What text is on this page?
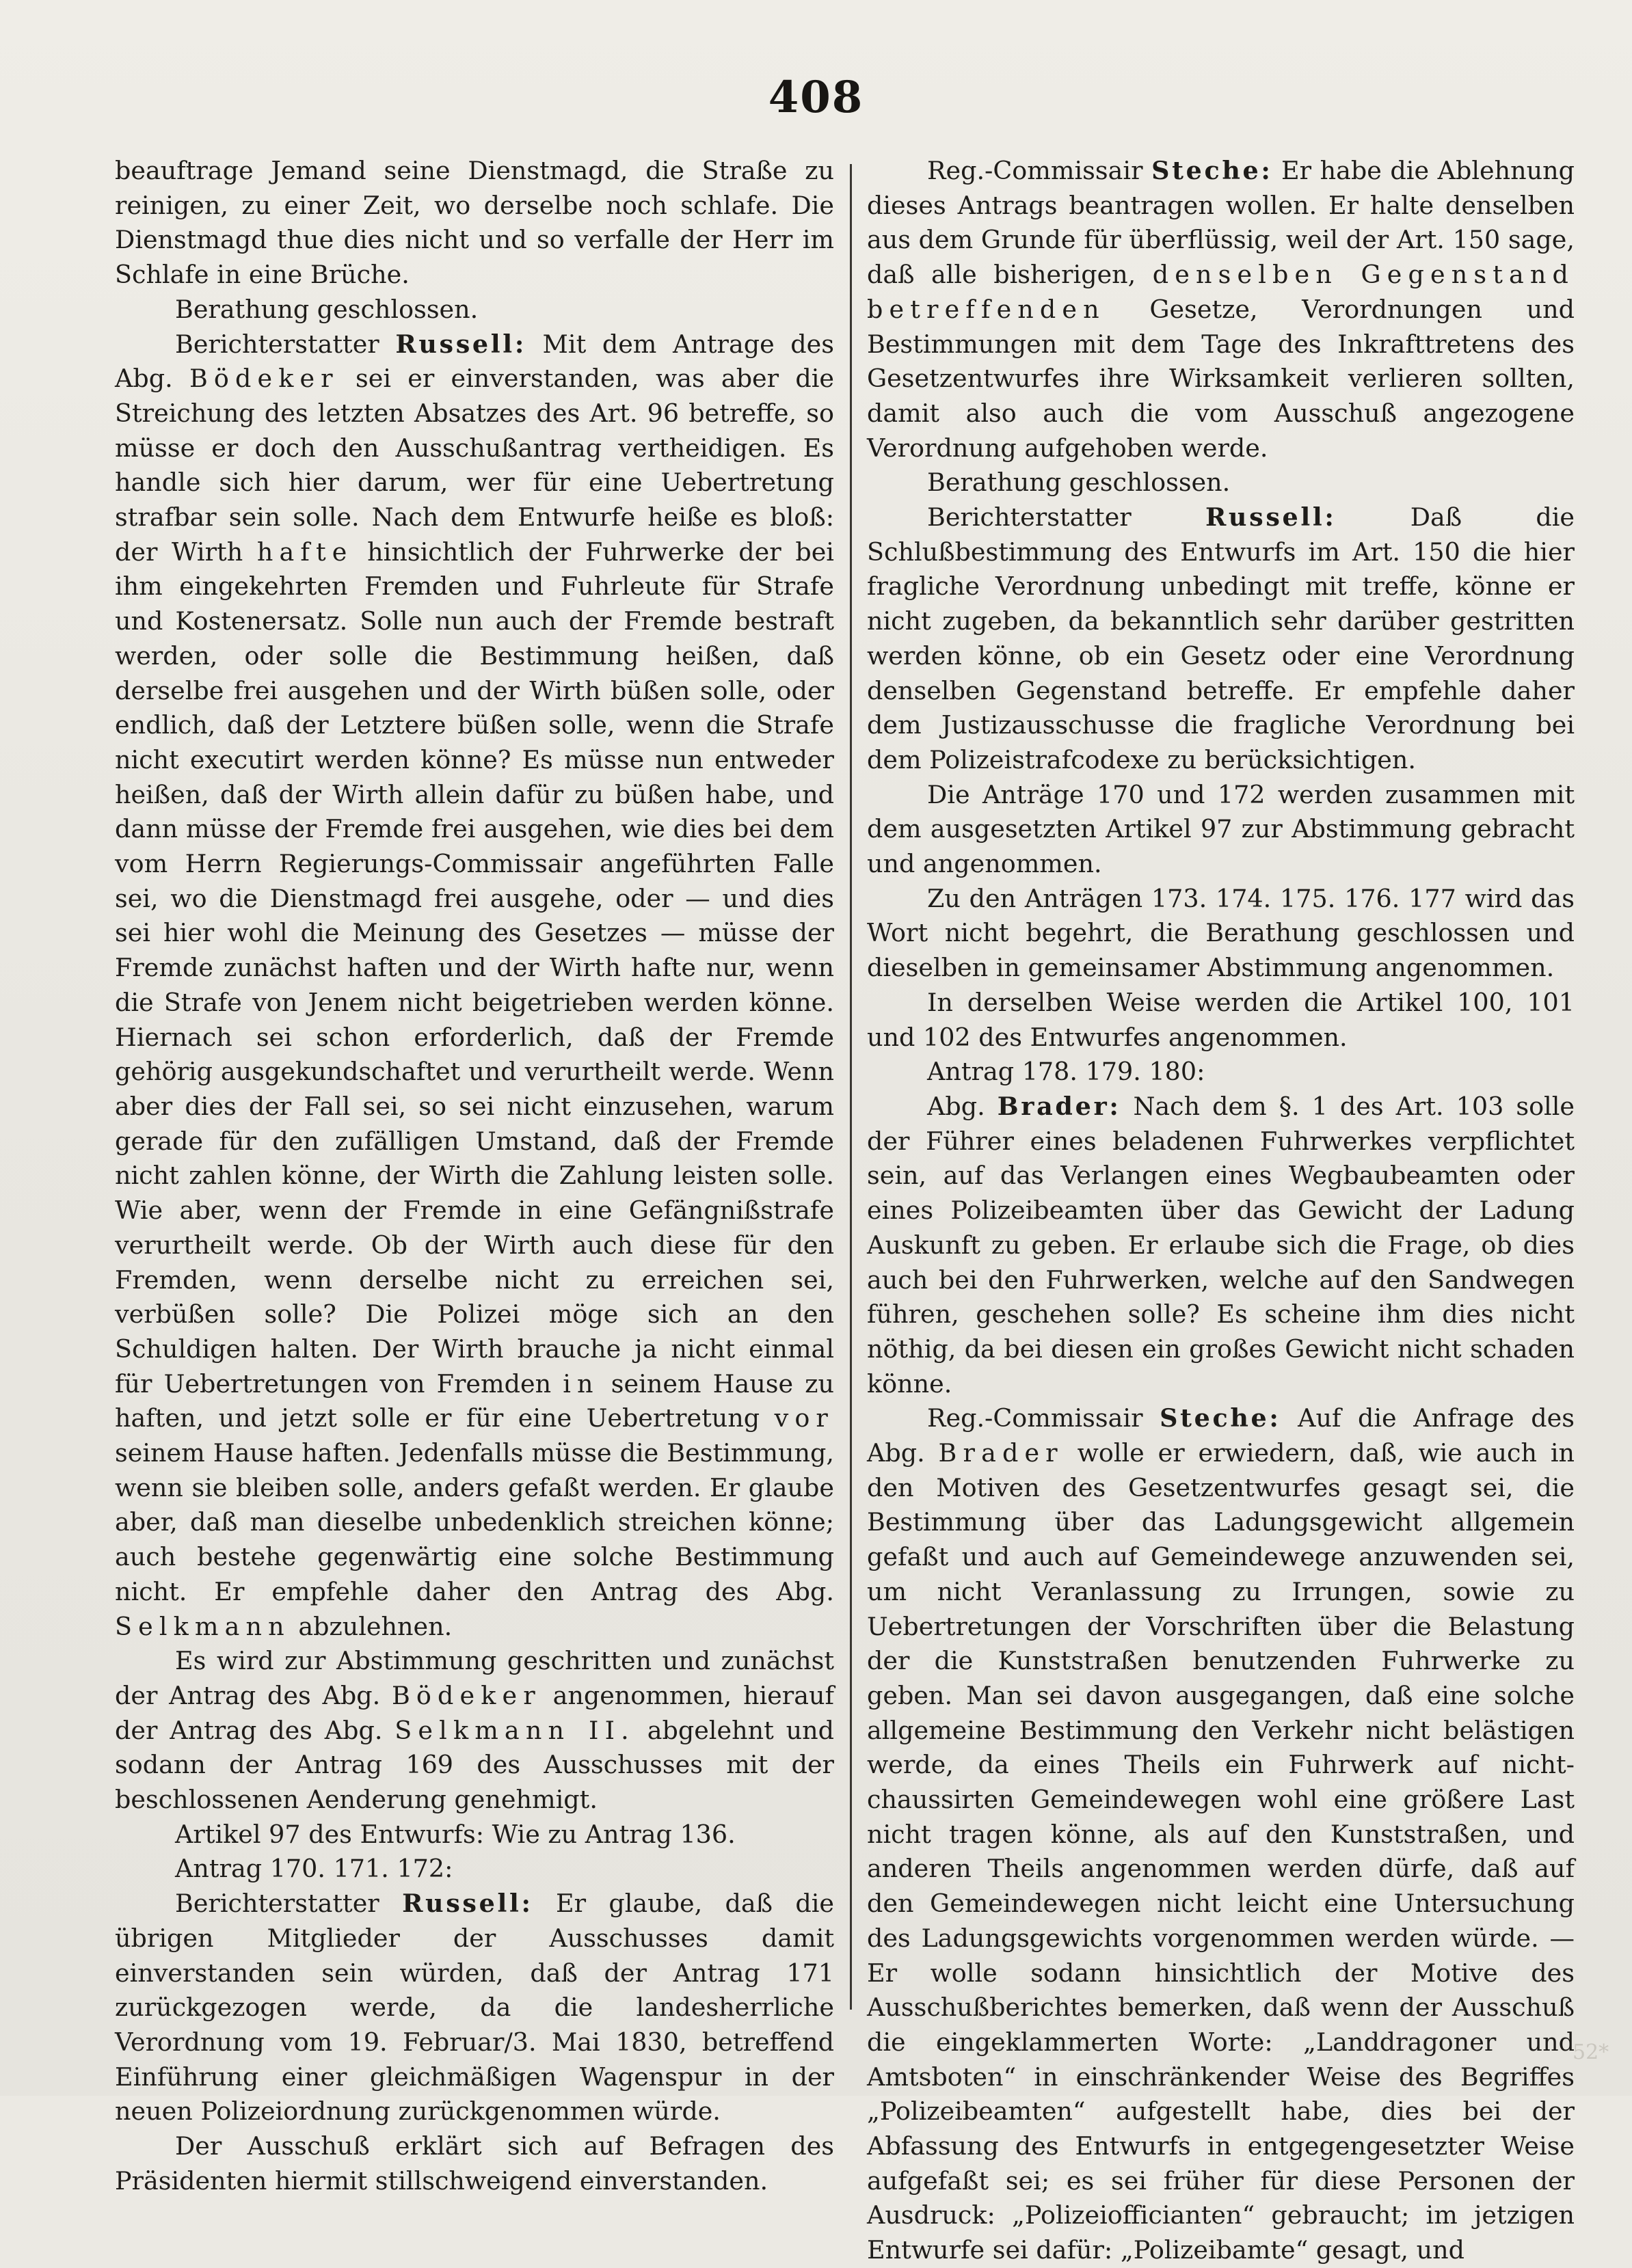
408

beauftrage Jemand seine Dienstmagd, die Straße zu reinigen, zu einer Zeit, wo derselbe noch schlafe. Die Dienstmagd thue dies nicht und so verfalle der Herr im Schlafe in eine Brüche.

Berathung geschlossen.

Berichterstatter Russell: Mit dem Antrage des Abg. Bödeker sei er einverstanden, was aber die Streichung des letzten Absatzes des Art. 96 betreffe, so müsse er doch den Ausschußantrag vertheidigen. Es handle sich hier darum, wer für eine Uebertretung strafbar sein solle. Nach dem Entwurfe heiße es bloß: der Wirth hafte hinsichtlich der Fuhrwerke der bei ihm eingekehrten Fremden und Fuhrleute für Strafe und Kostenersatz. Solle nun auch der Fremde bestraft werden, oder solle die Bestimmung heißen, daß derselbe frei ausgehen und der Wirth büßen solle, oder endlich, daß der Letztere büßen solle, wenn die Strafe nicht executirt werden könne? Es müsse nun entweder heißen, daß der Wirth allein dafür zu büßen habe, und dann müsse der Fremde frei ausgehen, wie dies bei dem vom Herrn Regierungs-Commissair angeführten Falle sei, wo die Dienstmagd frei ausgehe, oder — und dies sei hier wohl die Meinung des Gesetzes — müsse der Fremde zunächst haften und der Wirth hafte nur, wenn die Strafe von Jenem nicht beigetrieben werden könne. Hiernach sei schon erforderlich, daß der Fremde gehörig ausgekundschaftet und verurtheilt werde. Wenn aber dies der Fall sei, so sei nicht einzusehen, warum gerade für den zufälligen Umstand, daß der Fremde nicht zahlen könne, der Wirth die Zahlung leisten solle. Wie aber, wenn der Fremde in eine Gefängnißstrafe verurtheilt werde. Ob der Wirth auch diese für den Fremden, wenn derselbe nicht zu erreichen sei, verbüßen solle? Die Polizei möge sich an den Schuldigen halten. Der Wirth brauche ja nicht einmal für Uebertretungen von Fremden in seinem Hause zu haften, und jetzt solle er für eine Uebertretung vor seinem Hause haften. Jedenfalls müsse die Bestimmung, wenn sie bleiben solle, anders gefaßt werden. Er glaube aber, daß man dieselbe unbedenklich streichen könne; auch bestehe gegenwärtig eine solche Bestimmung nicht. Er empfehle daher den Antrag des Abg. Selkmann abzulehnen.

Es wird zur Abstimmung geschritten und zunächst der Antrag des Abg. Bödeker angenommen, hierauf der Antrag des Abg. Selkmann II. abgelehnt und sodann der Antrag 169 des Ausschusses mit der beschlossenen Aenderung genehmigt.

Artikel 97 des Entwurfs: Wie zu Antrag 136.

Antrag 170. 171. 172:

Berichterstatter Russell: Er glaube, daß die übrigen Mitglieder der Ausschusses damit einverstanden sein würden, daß der Antrag 171 zurückgezogen werde, da die landesherrliche Verordnung vom 19. Februar/3. Mai 1830, betreffend Einführung einer gleichmäßigen Wagenspur in der neuen Polizeiordnung zurückgenommen würde.

Der Ausschuß erklärt sich auf Befragen des Präsidenten hiermit stillschweigend einverstanden.

Reg.-Commissair Steche: Er habe die Ablehnung dieses Antrags beantragen wollen. Er halte denselben aus dem Grunde für überflüssig, weil der Art. 150 sage, daß alle bisherigen, denselben Gegenstand betreffenden Gesetze, Verordnungen und Bestimmungen mit dem Tage des Inkrafttretens des Gesetzentwurfes ihre Wirksamkeit verlieren sollten, damit also auch die vom Ausschuß angezogene Verordnung aufgehoben werde.

Berathung geschlossen.

Berichterstatter Russell: Daß die Schlußbestimmung des Entwurfs im Art. 150 die hier fragliche Verordnung unbedingt mit treffe, könne er nicht zugeben, da bekanntlich sehr darüber gestritten werden könne, ob ein Gesetz oder eine Verordnung denselben Gegenstand betreffe. Er empfehle daher dem Justizausschusse die fragliche Verordnung bei dem Polizeistrafcodexe zu berücksichtigen.

Die Anträge 170 und 172 werden zusammen mit dem ausgesetzten Artikel 97 zur Abstimmung gebracht und angenommen.

Zu den Anträgen 173. 174. 175. 176. 177 wird das Wort nicht begehrt, die Berathung geschlossen und dieselben in gemeinsamer Abstimmung angenommen.

In derselben Weise werden die Artikel 100, 101 und 102 des Entwurfes angenommen.

Antrag 178. 179. 180:

Abg. Brader: Nach dem §. 1 des Art. 103 solle der Führer eines beladenen Fuhrwerkes verpflichtet sein, auf das Verlangen eines Wegbaubeamten oder eines Polizeibeamten über das Gewicht der Ladung Auskunft zu geben. Er erlaube sich die Frage, ob dies auch bei den Fuhrwerken, welche auf den Sandwegen führen, geschehen solle? Es scheine ihm dies nicht nöthig, da bei diesen ein großes Gewicht nicht schaden könne.

Reg.-Commissair Steche: Auf die Anfrage des Abg. Brader wolle er erwiedern, daß, wie auch in den Motiven des Gesetzentwurfes gesagt sei, die Bestimmung über das Ladungsgewicht allgemein gefaßt und auch auf Gemeindewege anzuwenden sei, um nicht Veranlassung zu Irrungen, sowie zu Uebertretungen der Vorschriften über die Belastung der die Kunststraßen benutzenden Fuhrwerke zu geben. Man sei davon ausgegangen, daß eine solche allgemeine Bestimmung den Verkehr nicht belästigen werde, da eines Theils ein Fuhrwerk auf nicht-chaussirten Gemeindewegen wohl eine größere Last nicht tragen könne, als auf den Kunststraßen, und anderen Theils angenommen werden dürfe, daß auf den Gemeindewegen nicht leicht eine Untersuchung des Ladungsgewichts vorgenommen werden würde. — Er wolle sodann hinsichtlich der Motive des Ausschußberichtes bemerken, daß wenn der Ausschuß die eingeklammerten Worte: „Landdragoner und Amtsboten“ in einschränkender Weise des Begriffes „Polizeibeamten“ aufgestellt habe, dies bei der Abfassung des Entwurfs in entgegengesetzter Weise aufgefaßt sei; es sei früher für diese Personen der Ausdruck: „Polizeiofficianten“ gebraucht; im jetzigen Entwurfe sei dafür: „Polizeibamte“ gesagt, und

52*
